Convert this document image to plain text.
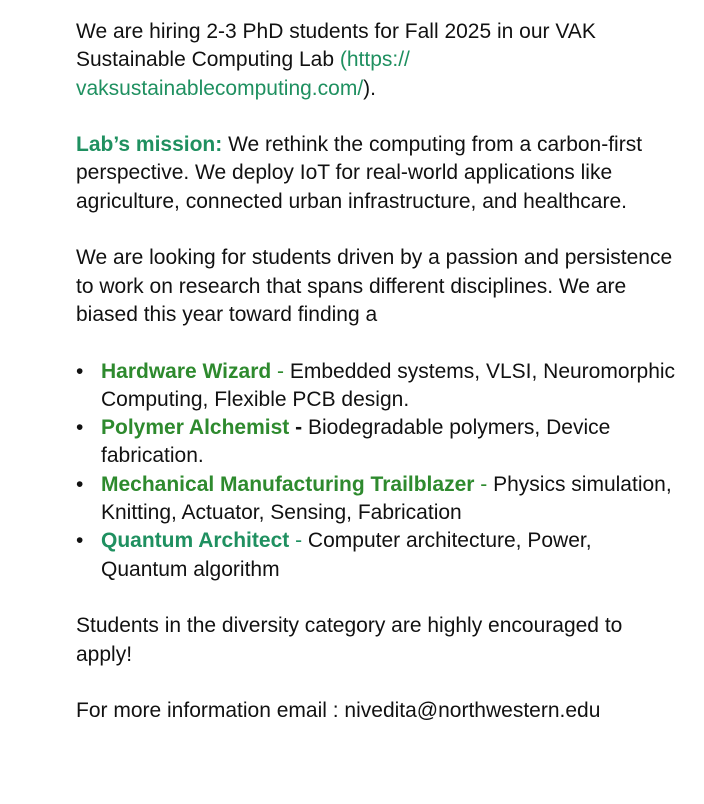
We are hiring 2-3 PhD students for Fall 2025 in our VAK Sustainable Computing Lab (https:// vaksustainablecomputing.com/).

Lab’s mission: We rethink the computing from a carbon-first perspective. We deploy IoT for real-world applications like agriculture, connected urban infrastructure, and healthcare.

We are looking for students driven by a passion and persistence to work on research that spans different disciplines. We are biased this year toward finding a

• Hardware Wizard - Embedded systems, VLSI, Neuromorphic Computing, Flexible PCB design.
• Polymer Alchemist - Biodegradable polymers, Device fabrication.
• Mechanical Manufacturing Trailblazer - Physics simulation, Knitting, Actuator, Sensing, Fabrication
• Quantum Architect - Computer architecture, Power, Quantum algorithm

Students in the diversity category are highly encouraged to apply!

For more information email : nivedita@northwestern.edu
